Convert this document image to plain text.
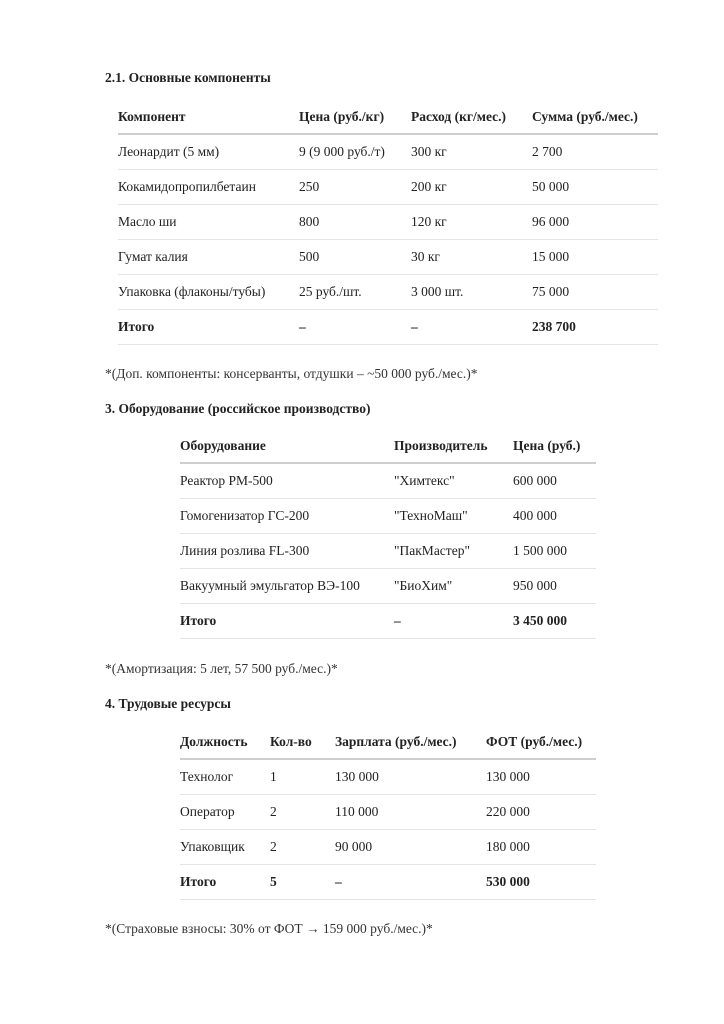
2.1. Основные компоненты

Компонент	Цена (руб./кг)	Расход (кг/мес.)	Сумма (руб./мес.)
Леонардит (5 мм)	9 (9 000 руб./т)	300 кг	2 700
Кокамидопропилбетаин	250	200 кг	50 000
Масло ши	800	120 кг	96 000
Гумат калия	500	30 кг	15 000
Упаковка (флаконы/тубы)	25 руб./шт.	3 000 шт.	75 000
Итого	–	–	238 700

*(Доп. компоненты: консерванты, отдушки – ~50 000 руб./мес.)*

3. Оборудование (российское производство)

Оборудование	Производитель	Цена (руб.)
Реактор РМ-500	"Химтекс"	600 000
Гомогенизатор ГС-200	"ТехноМаш"	400 000
Линия розлива FL-300	"ПакМастер"	1 500 000
Вакуумный эмульгатор ВЭ-100	"БиоХим"	950 000
Итого	–	3 450 000

*(Амортизация: 5 лет, 57 500 руб./мес.)*

4. Трудовые ресурсы

Должность	Кол-во	Зарплата (руб./мес.)	ФОТ (руб./мес.)
Технолог	1	130 000	130 000
Оператор	2	110 000	220 000
Упаковщик	2	90 000	180 000
Итого	5	–	530 000

*(Страховые взносы: 30% от ФОТ → 159 000 руб./мес.)*
